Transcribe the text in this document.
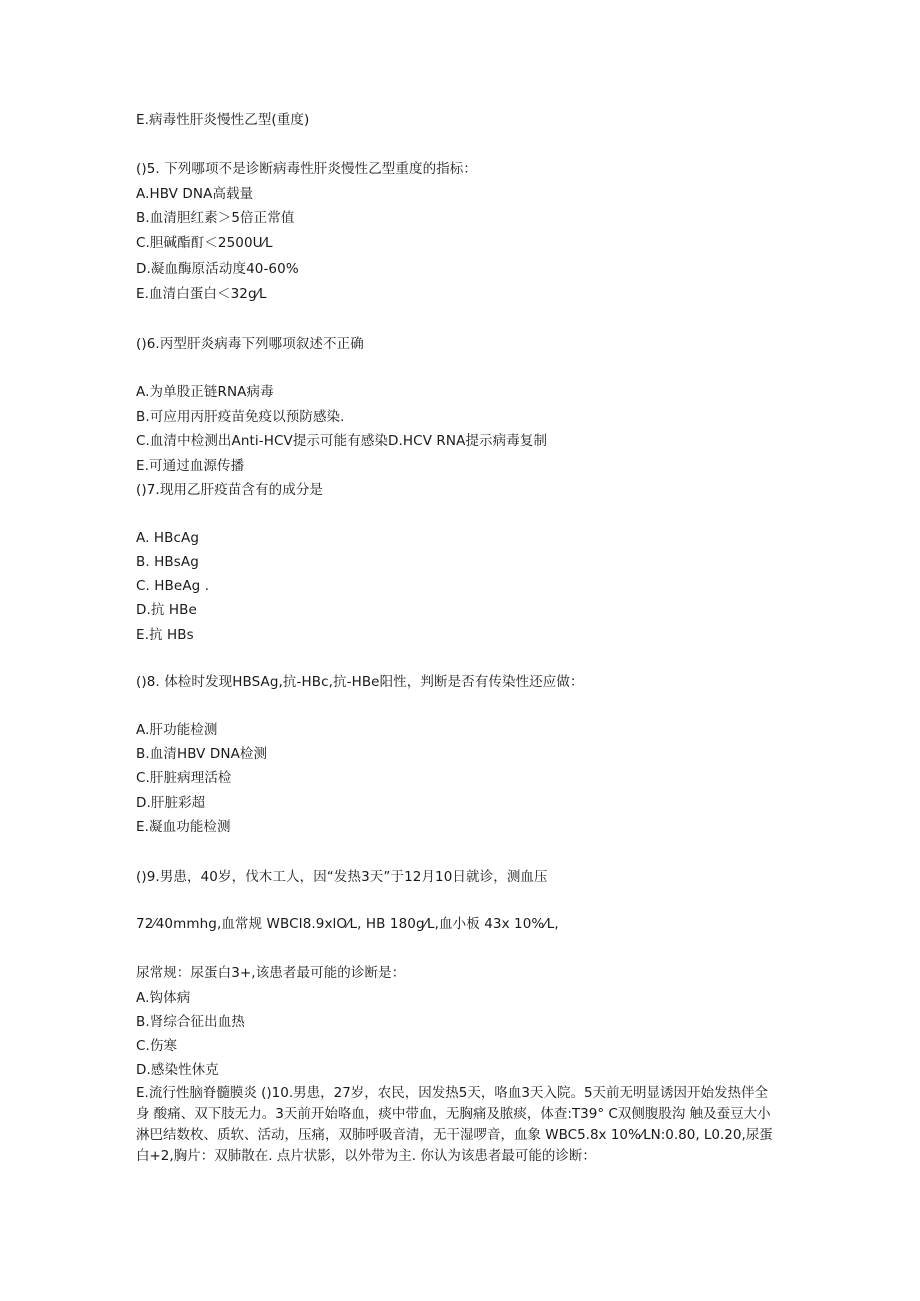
E.病毒性肝炎慢性乙型(重度)
()5. 下列哪项不是诊断病毒性肝炎慢性乙型重度的指标：
A.HBV DNA高载量
B.血清胆红素＞5倍正常值
C.胆碱酯酊＜2500U⁄L
D.凝血酶原活动度40-60%
E.血清白蛋白＜32g⁄L
()6.丙型肝炎病毒下列哪项叙述不正确
A.为单股正链RNA病毒
B.可应用丙肝疫苗免疫以预防感染.
C.血清中检测出Anti-HCV提示可能有感染D.HCV RNA提示病毒复制
E.可通过血源传播
()7.现用乙肝疫苗含有的成分是
A. HBcAg
B. HBsAg
C. HBeAg .
D.抗 HBe
E.抗 HBs
()8. 体检时发现HBSAg,抗-HBc,抗-HBe阳性，判断是否有传染性还应做：
A.肝功能检测
B.血清HBV DNA检测
C.肝脏病理活检
D.肝脏彩超
E.凝血功能检测
()9.男患，40岁，伐木工人，因“发热3天”于12月10日就诊，测血压
72⁄40mmhg,血常规 WBCI8.9xlO⁄L, HB 180g⁄L,血小板 43x 10%⁄L,
尿常规：尿蛋白3+,该患者最可能的诊断是：
A.钩体病
B.肾综合征出血热
C.伤寒
D.感染性休克
E.流行性脑脊髓膜炎 ()10.男患，27岁，农民，因发热5天，咯血3天入院。5天前无明显诱因开始发热伴全身 酸痛、双下肢无力。3天前开始咯血，痰中带血，无胸痛及脓痰，体查:T39° C双侧腹股沟 触及蚕豆大小淋巴结数枚、质软、活动，压痛，双肺呼吸音清，无干湿啰音，血象 WBC5.8x 10%⁄LN:0.80, L0.20,尿蛋白+2,胸片：双肺散在. 点片状影，以外带为主. 你认为该患者最可能的诊断：
